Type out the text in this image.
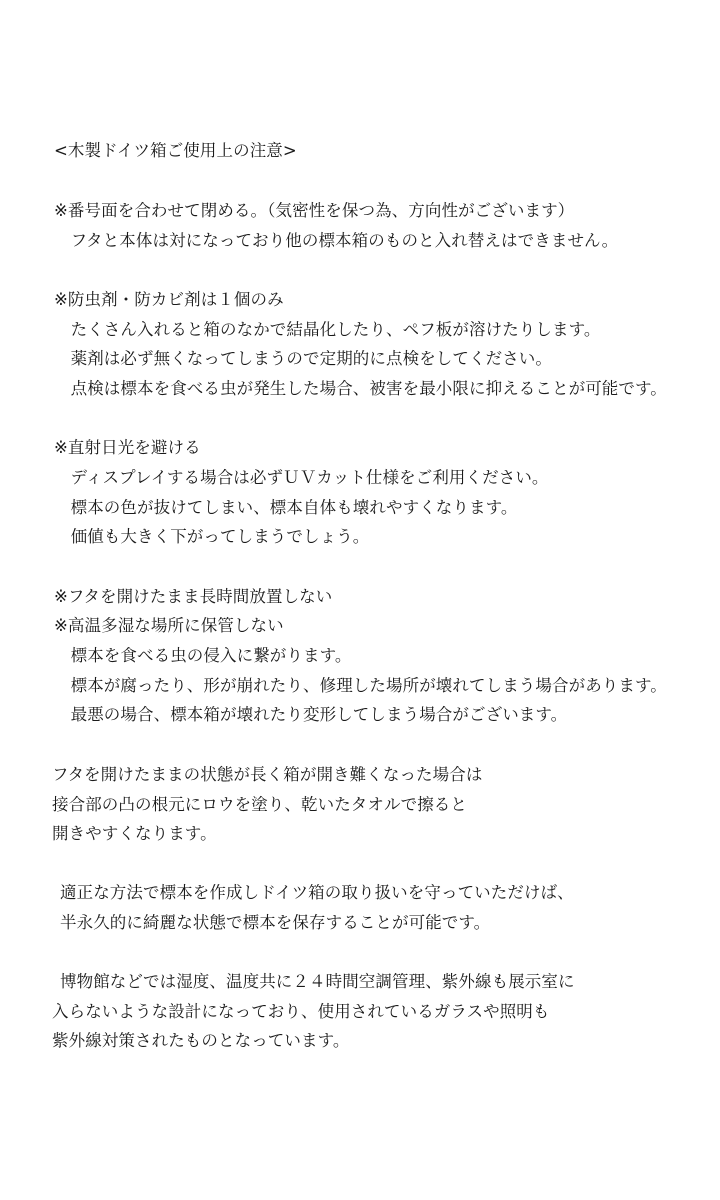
<木製ドイツ箱ご使用上の注意>
※番号面を合わせて閉める。（気密性を保つ為、方向性がございます）
　フタと本体は対になっており他の標本箱のものと入れ替えはできません。
※防虫剤・防カビ剤は１個のみ
　たくさん入れると箱のなかで結晶化したり、ペフ板が溶けたりします。
　薬剤は必ず無くなってしまうので定期的に点検をしてください。
　点検は標本を食べる虫が発生した場合、被害を最小限に抑えることが可能です。
※直射日光を避ける
　ディスプレイする場合は必ずＵＶカット仕様をご利用ください。
　標本の色が抜けてしまい、標本自体も壊れやすくなります。
　価値も大きく下がってしまうでしょう。
※フタを開けたまま長時間放置しない
※高温多湿な場所に保管しない
　標本を食べる虫の侵入に繋がります。
　標本が腐ったり、形が崩れたり、修理した場所が壊れてしまう場合があります。
　最悪の場合、標本箱が壊れたり変形してしまう場合がございます。
フタを開けたままの状態が長く箱が開き難くなった場合は
接合部の凸の根元にロウを塗り、乾いたタオルで擦ると
開きやすくなります。
適正な方法で標本を作成しドイツ箱の取り扱いを守っていただけば、
半永久的に綺麗な状態で標本を保存することが可能です。
博物館などでは湿度、温度共に２４時間空調管理、紫外線も展示室に
入らないような設計になっており、使用されているガラスや照明も
紫外線対策されたものとなっています。
